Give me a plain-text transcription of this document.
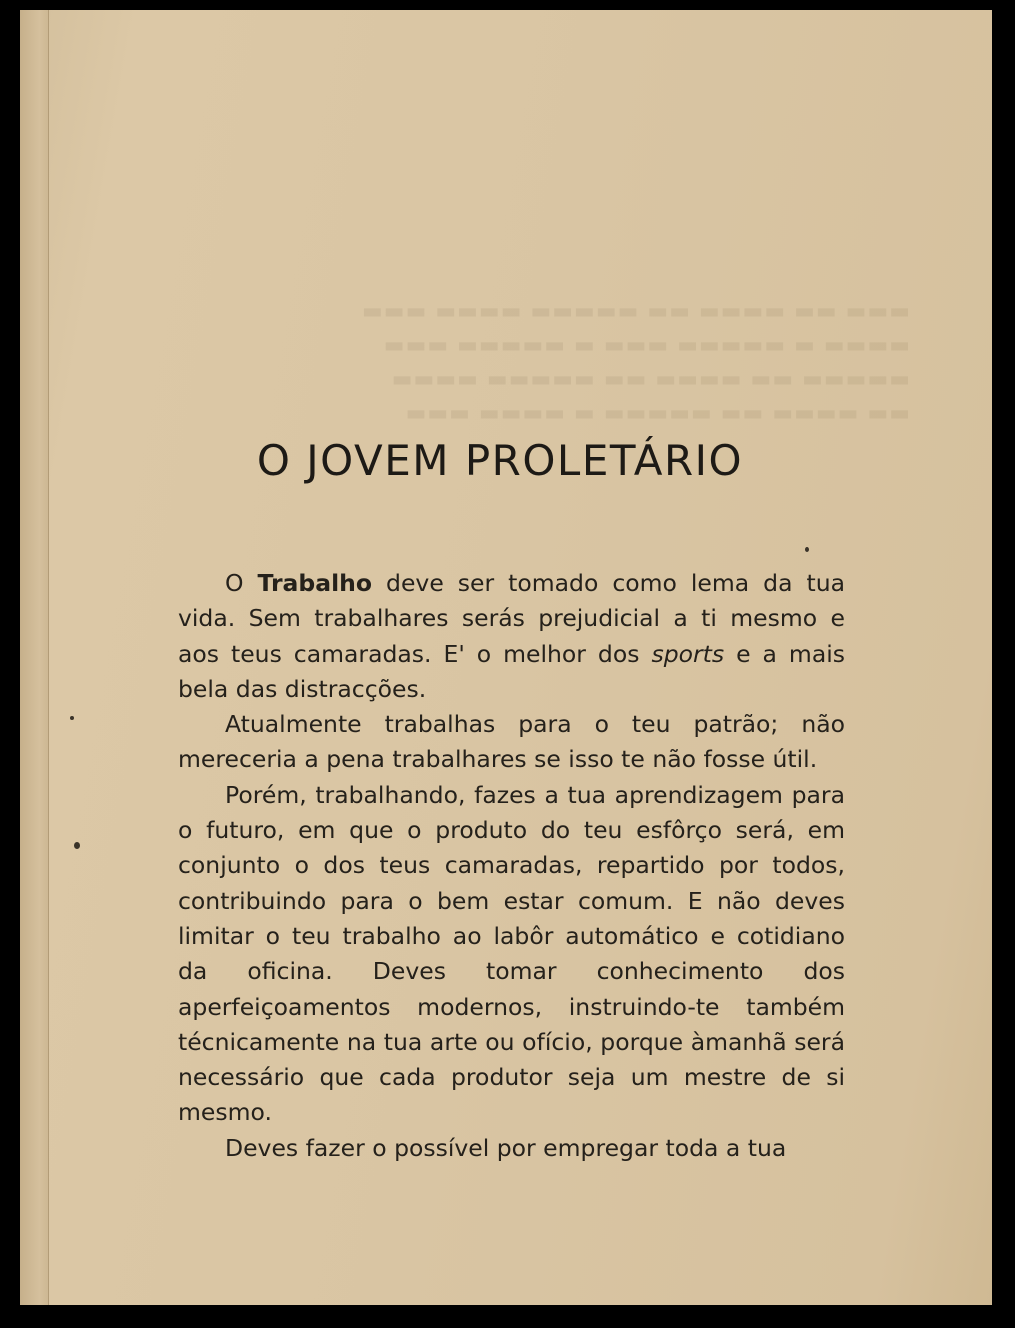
▬▬▬ ▬▬ ▬▬▬▬ ▬▬ ▬▬▬▬▬ ▬▬▬▬ ▬▬▬
▬▬▬▬ ▬ ▬▬▬▬▬ ▬▬▬ ▬ ▬▬▬▬▬ ▬▬▬
▬▬▬▬▬ ▬▬ ▬▬▬▬ ▬▬ ▬▬▬▬▬ ▬▬▬▬
▬▬ ▬▬▬▬ ▬▬ ▬▬▬▬▬ ▬ ▬▬▬▬ ▬▬▬
O JOVEM PROLETÁRIO

O Trabalho deve ser tomado como lema da tua vida. Sem trabalhares serás prejudicial a ti mesmo e aos teus camaradas. E' o melhor dos sports e a mais bela das distracções.

Atualmente trabalhas para o teu patrão; não mereceria a pena trabalhares se isso te não fosse útil.

Porém, trabalhando, fazes a tua aprendizagem para o futuro, em que o produto do teu esfôrço será, em conjunto o dos teus camaradas, repartido por todos, contribuindo para o bem estar comum. E não deves limitar o teu trabalho ao labôr automático e cotidiano da oficina. Deves tomar conhecimento dos aperfeiçoamentos modernos, instruindo-te também técnicamente na tua arte ou ofício, porque àmanhã será necessário que cada produtor seja um mestre de si mesmo.

Deves fazer o possível por empregar toda a tua
